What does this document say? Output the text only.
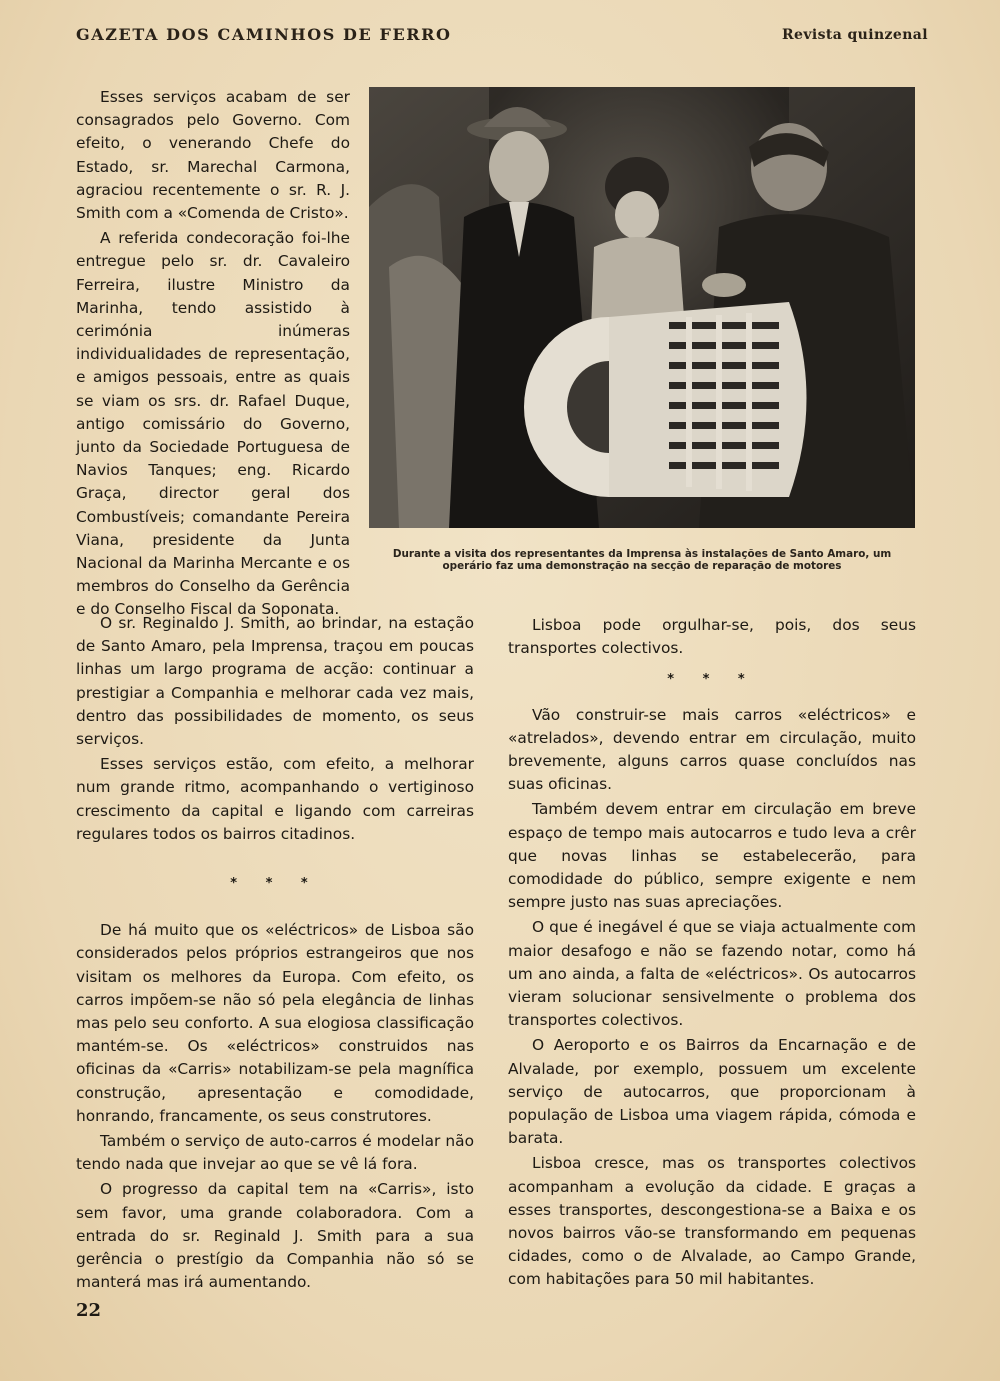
GAZETA DOS CAMINHOS DE FERRO	Revista quinzenal

Esses serviços acabam de ser consagrados pelo Governo. Com efeito, o venerando Chefe do Estado, sr. Marechal Carmona, agraciou recentemente o sr. R. J. Smith com a «Comenda de Cristo».

A referida condecoração foi-lhe entregue pelo sr. dr. Cavaleiro Ferreira, ilustre Ministro da Marinha, tendo assistido à cerimónia inúmeras individualidades de representação, e amigos pessoais, entre as quais se viam os srs. dr. Rafael Duque, antigo comissário do Governo, junto da Sociedade Portuguesa de Navios Tanques; eng. Ricardo Graça, director geral dos Combustíveis; comandante Pereira Viana, presidente da Junta Nacional da Marinha Mercante e os membros do Conselho da Gerência e do Conselho Fiscal da Soponata.

Durante a visita dos representantes da Imprensa às instalações de Santo Amaro, um operário faz uma demonstração na secção de reparação de motores

O sr. Reginaldo J. Smith, ao brindar, na estação de Santo Amaro, pela Imprensa, traçou em poucas linhas um largo programa de acção: continuar a prestigiar a Companhia e melhorar cada vez mais, dentro das possibilidades de momento, os seus serviços.

Esses serviços estão, com efeito, a melhorar num grande ritmo, acompanhando o vertiginoso crescimento da capital e ligando com carreiras regulares todos os bairros citadinos.

* * *

De há muito que os «eléctricos» de Lisboa são considerados pelos próprios estrangeiros que nos visitam os melhores da Europa. Com efeito, os carros impõem-se não só pela elegância de linhas mas pelo seu conforto. A sua elogiosa classificação mantém-se. Os «eléctricos» construidos nas oficinas da «Carris» notabilizam-se pela magnífica construção, apresentação e comodidade, honrando, francamente, os seus construtores.

Também o serviço de auto-carros é modelar não tendo nada que invejar ao que se vê lá fora.

O progresso da capital tem na «Carris», isto sem favor, uma grande colaboradora. Com a entrada do sr. Reginald J. Smith para a sua gerência o prestígio da Companhia não só se manterá mas irá aumentando.

Lisboa pode orgulhar-se, pois, dos seus transportes colectivos.

* * *

Vão construir-se mais carros «eléctricos» e «atrelados», devendo entrar em circulação, muito brevemente, alguns carros quase concluídos nas suas oficinas.

Também devem entrar em circulação em breve espaço de tempo mais autocarros e tudo leva a crêr que novas linhas se estabelecerão, para comodidade do público, sempre exigente e nem sempre justo nas suas apreciações.

O que é inegável é que se viaja actualmente com maior desafogo e não se fazendo notar, como há um ano ainda, a falta de «eléctricos». Os autocarros vieram solucionar sensivelmente o problema dos transportes colectivos.

O Aeroporto e os Bairros da Encarnação e de Alvalade, por exemplo, possuem um excelente serviço de autocarros, que proporcionam à população de Lisboa uma viagem rápida, cómoda e barata.

Lisboa cresce, mas os transportes colectivos acompanham a evolução da cidade. E graças a esses transportes, descongestiona-se a Baixa e os novos bairros vão-se transformando em pequenas cidades, como o de Alvalade, ao Campo Grande, com habitações para 50 mil habitantes.

22
